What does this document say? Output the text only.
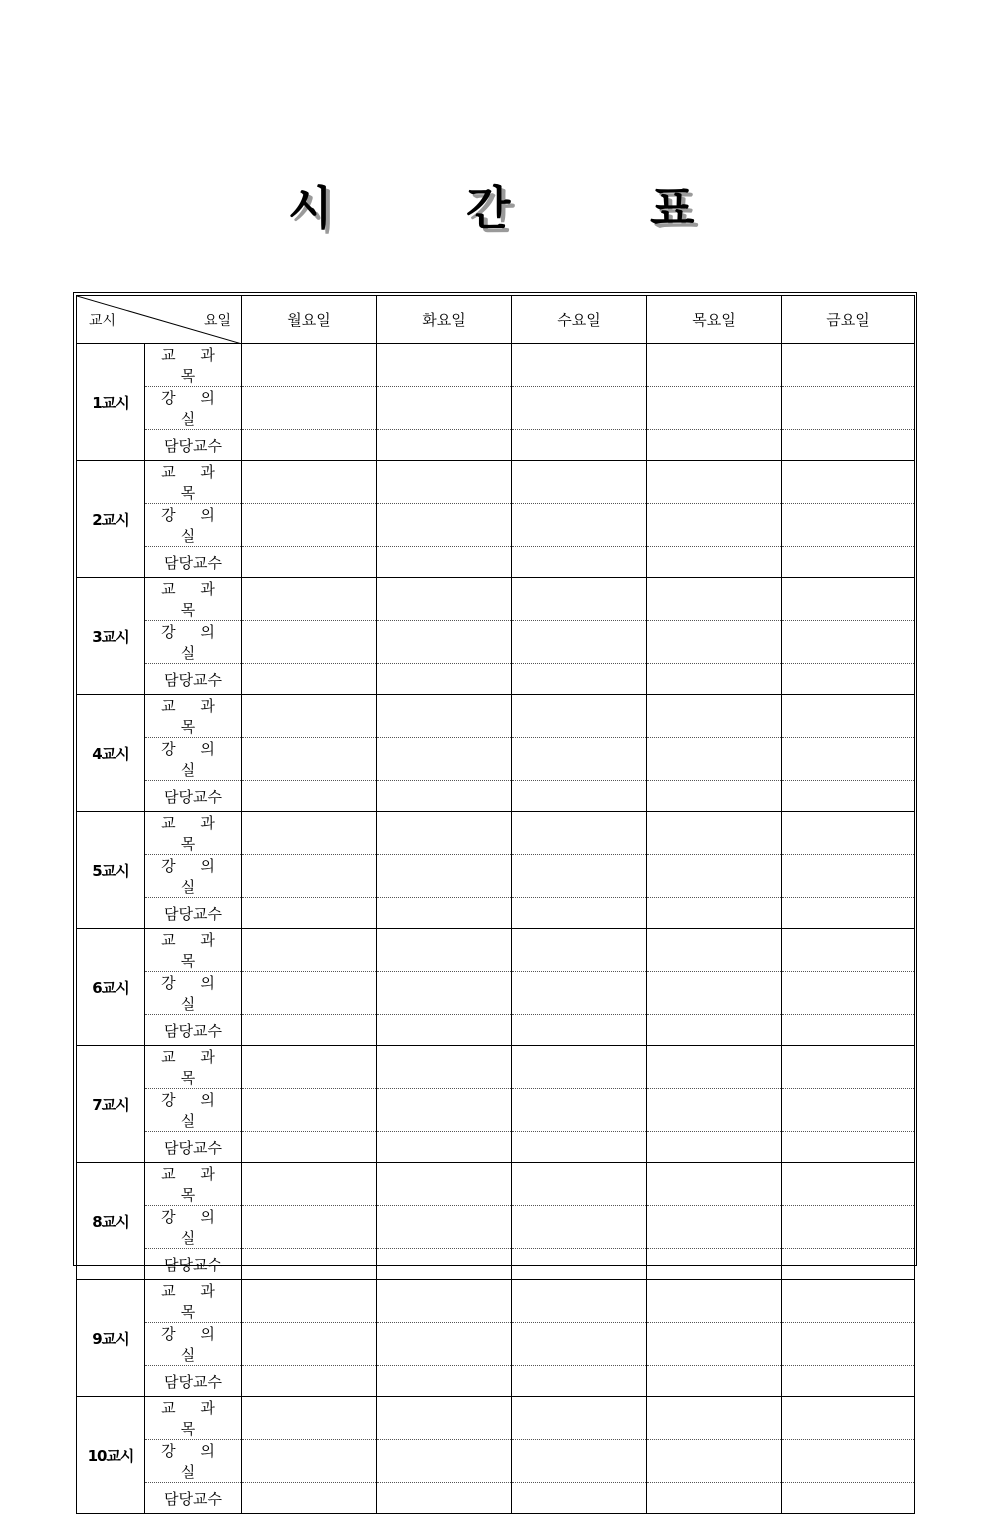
시	간	표
교시 요일		월요일	화요일	수요일	목요일	금요일
1교시	교 과 목					
	강 의 실					
	담당교수					
2교시	교 과 목					
	강 의 실					
	담당교수					
3교시	교 과 목					
	강 의 실					
	담당교수					
4교시	교 과 목					
	강 의 실					
	담당교수					
5교시	교 과 목					
	강 의 실					
	담당교수					
6교시	교 과 목					
	강 의 실					
	담당교수					
7교시	교 과 목					
	강 의 실					
	담당교수					
8교시	교 과 목					
	강 의 실					
	담당교수					
9교시	교 과 목					
	강 의 실					
	담당교수					
10교시	교 과 목					
	강 의 실					
	담당교수					
